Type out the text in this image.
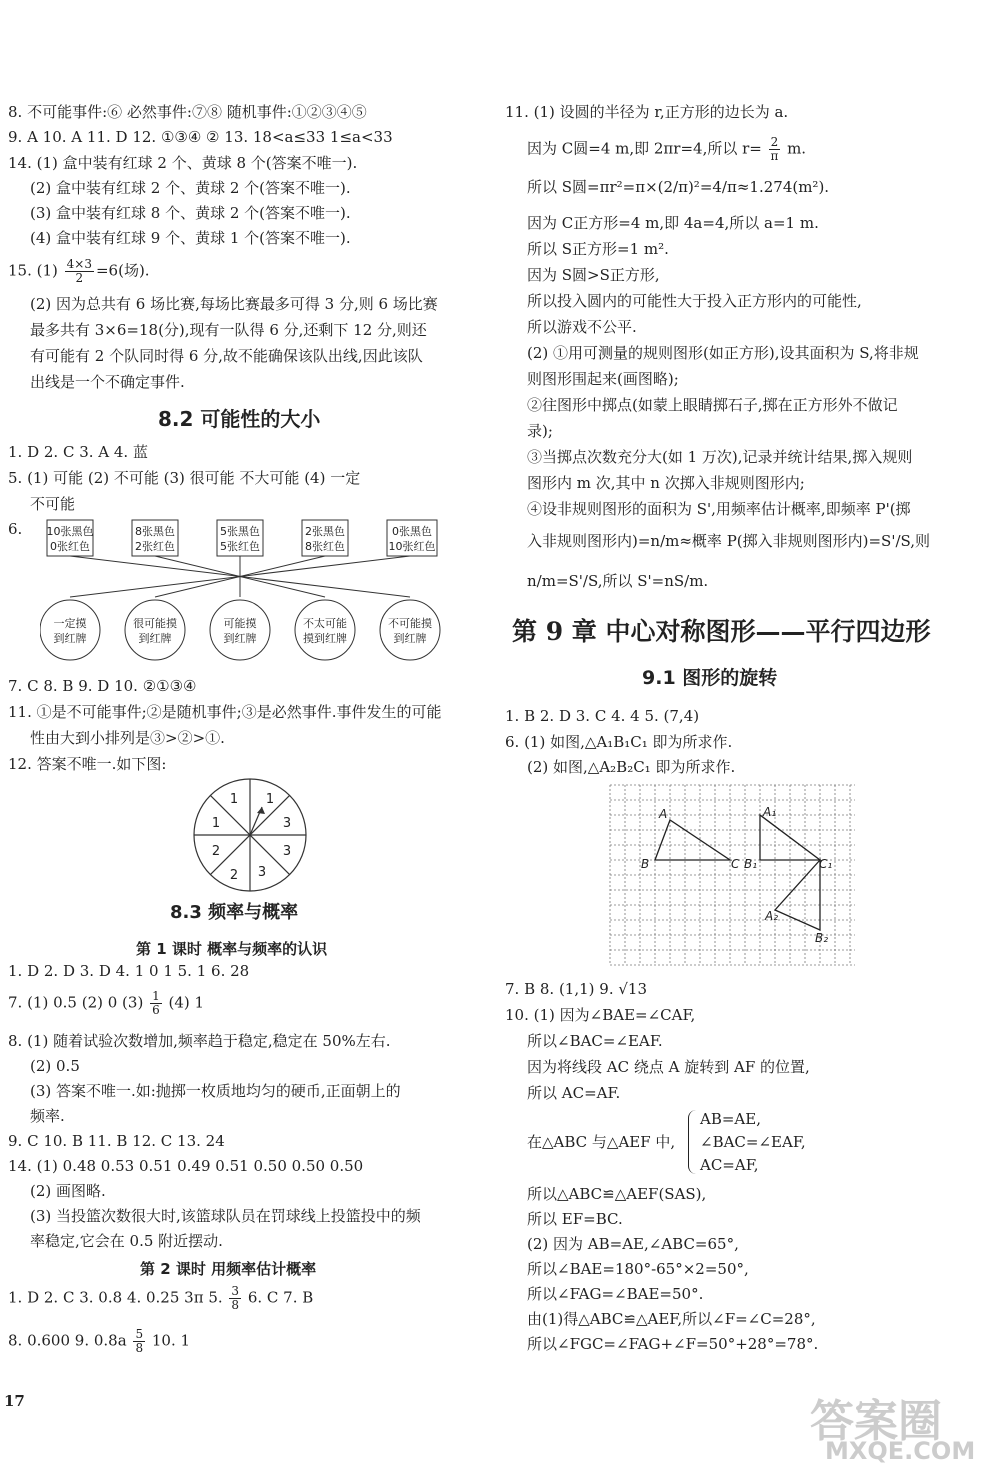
8. 不可能事件:⑥ 必然事件:⑦⑧ 随机事件:①②③④⑤
9. A 10. A 11. D 12. ①③④ ② 13. 18<a≤33 1≤a<33
14. (1) 盒中装有红球 2 个、黄球 8 个(答案不唯一).
(2) 盒中装有红球 2 个、黄球 2 个(答案不唯一).
(3) 盒中装有红球 8 个、黄球 2 个(答案不唯一).
(4) 盒中装有红球 9 个、黄球 1 个(答案不唯一).
15. $(1) \frac{4\times 3}{2} =6$(场).
(2) 因为总共有 6 场比赛,每场比赛最多可得 3 分,则 6 场比赛
最多共有 3×6=18(分),现有一队得 6 分,还剩下 12 分,则还
有可能有 2 个队同时得 6 分,故不能确保该队出线,因此该队
出线是一个不确定事件.
8.2 可能性的大小
1. D 2. C 3. A 4. 蓝
5. (1) 可能 (2) 不可能 (3) 很可能 不大可能 (4) 一定
不可能
6. 10张黑色
0张红色
8张黑色
2张红色
5张黑色
5张红色
2张黑色
8张红色
0张黑色
10张红色
一定摸
到红牌
很可能摸
到红牌
可能摸
到红牌
不太可能
摸到红牌
不可能摸
到红牌
7. C 8. B 9. D 10. ②①③④
11. ①是不可能事件;②是随机事件;③是必然事件.事件发生的可能
性由大到小排列是③>②>①.
12. 答案不唯一.如下图:
1
1
1
3
3
3
2
2
8.3 频率与概率
第 1 课时 概率与频率的认识
1. D 2. D 3. D 4. 1 0 1 5. 1 6. 28
7. (1) 0.5 (2) 0 $(3) \frac{1}{6} (4)$ 1
8. (1) 随着试验次数增加,频率趋于稳定,稳定在 50%左右.
(2) 0.5
(3) 答案不唯一.如:抛掷一枚质地均匀的硬币,正面朝上的
频率.
9. C 10. B 11. B 12. C 13. 24
14. (1) 0.48 0.53 0.51 0.49 0.51 0.50 0.50 0.50
(2) 画图略.
(3) 当投篮次数很大时,该篮球队员在罚球线上投篮投中的频
率稳定,它会在 0.5 附近摆动.
第 2 课时 用频率估计概率
1. D 2. C 3. 0.8 4. 0.25 3π 5. $\frac{3}{8} 6$. C 7. B
8. 0.600 9. $0.8a \frac{5}{8} 10$. 1
17
11. (1) 设圆的半径为 r,正方形的边长为 a.
因为 C圆=4 m,即 2πr=4,所以 $r= \frac{2}{\pi} m$.
所以 S圆=πr²=π×(2/π)²=4/π≈1.274(m²).
因为 C正方形=4 m,即 4a=4,所以 a=1 m.
所以 S正方形=1 m².
因为 S圆>S正方形,
所以投入圆内的可能性大于投入正方形内的可能性,
所以游戏不公平.
(2) ①用可测量的规则图形(如正方形),设其面积为 S,将非规
则图形围起来(画图略);
②往图形中掷点(如蒙上眼睛掷石子,掷在正方形外不做记
录);
③当掷点次数充分大(如 1 万次),记录并统计结果,掷入规则
图形内 m 次,其中 n 次掷入非规则图形内;
④设非规则图形的面积为 S',用频率估计概率,即频率 P'(掷
入非规则图形内)=n/m≈概率 P(掷入非规则图形内)=S'/S,则
n/m=S'/S,所以 S'=nS/m.
第 9 章 中心对称图形——平行四边形
9.1 图形的旋转
1. B 2. D 3. C 4. 4 5. (7,4)
6. (1) 如图,△A₁B₁C₁ 即为所求作.
(2) 如图,△A₂B₂C₁ 即为所求作.
A	A₁
B	C B₁	C₁
A₂
B₂
7. B 8. (1,1) 9. √13
10. (1) 因为∠BAE=∠CAF,
所以∠BAC=∠EAF.
因为将线段 AC 绕点 A 旋转到 AF 的位置,
所以 AC=AF.
在△ABC 与△AEF 中,
AB=AE,
∠BAC=∠EAF,
AC=AF,
所以△ABC≌△AEF(SAS),
所以 EF=BC.
(2) 因为 AB=AE,∠ABC=65°,
所以∠BAE=180°-65°×2=50°,
所以∠FAG=∠BAE=50°.
由(1)得△ABC≌△AEF,所以∠F=∠C=28°,
所以∠FGC=∠FAG+∠F=50°+28°=78°.
答案圈
MXQE.COM
